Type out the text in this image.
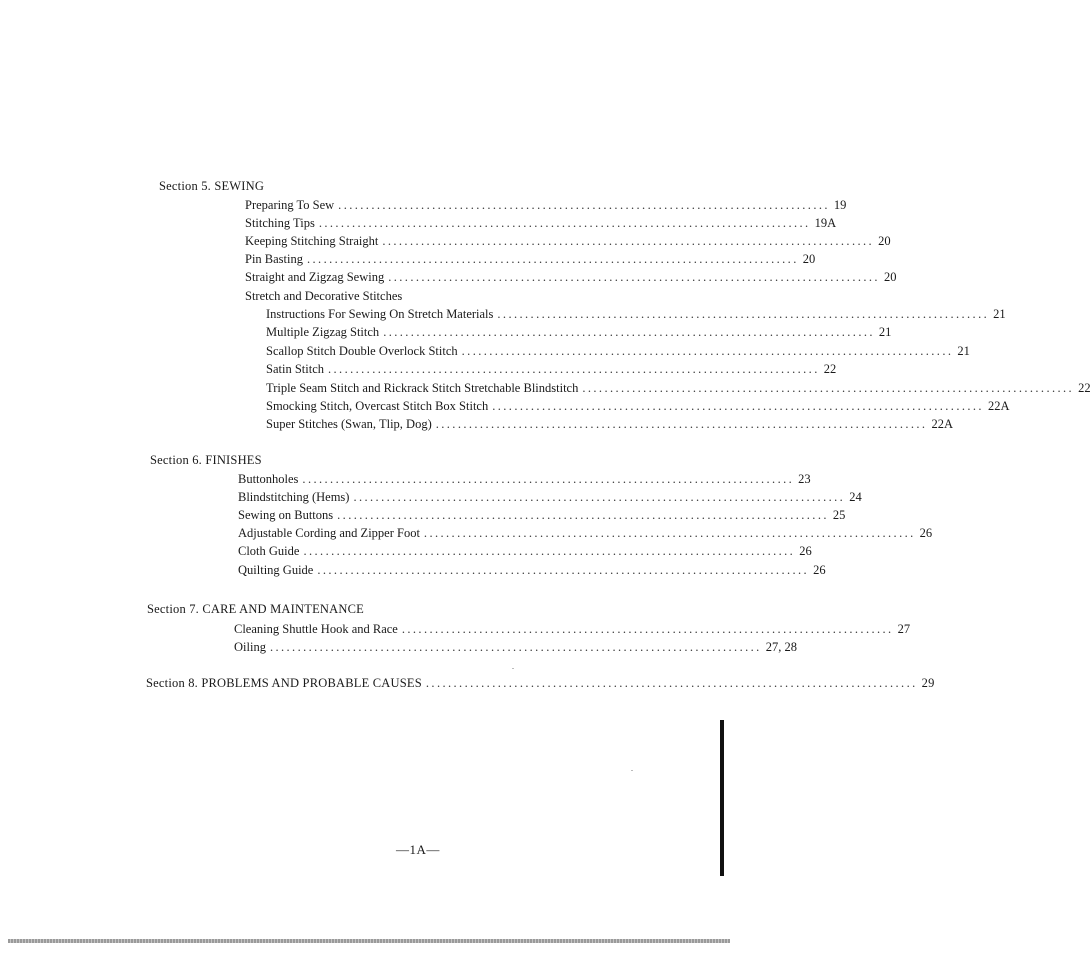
Section 5. SEWING
Preparing To Sew ......................................................................................... 19
Stitching Tips ......................................................................................... 19A
Keeping Stitching Straight ......................................................................................... 20
Pin Basting ......................................................................................... 20
Straight and Zigzag Sewing ......................................................................................... 20
Stretch and Decorative Stitches
Instructions For Sewing On Stretch Materials ......................................................................................... 21
Multiple Zigzag Stitch ......................................................................................... 21
Scallop Stitch Double Overlock Stitch ......................................................................................... 21
Satin Stitch ......................................................................................... 22
Triple Seam Stitch and Rickrack Stitch Stretchable Blindstitch ......................................................................................... 22
Smocking Stitch, Overcast Stitch Box Stitch ......................................................................................... 22A
Super Stitches (Swan, Tlip, Dog) ......................................................................................... 22A
Section 6. FINISHES
Buttonholes ......................................................................................... 23
Blindstitching (Hems) ......................................................................................... 24
Sewing on Buttons ......................................................................................... 25
Adjustable Cording and Zipper Foot ......................................................................................... 26
Cloth Guide ......................................................................................... 26
Quilting Guide ......................................................................................... 26
Section 7. CARE AND MAINTENANCE
Cleaning Shuttle Hook and Race ......................................................................................... 27
Oiling ......................................................................................... 27, 28
Section 8. PROBLEMS AND PROBABLE CAUSES ......................................................................................... 29
—1A—
